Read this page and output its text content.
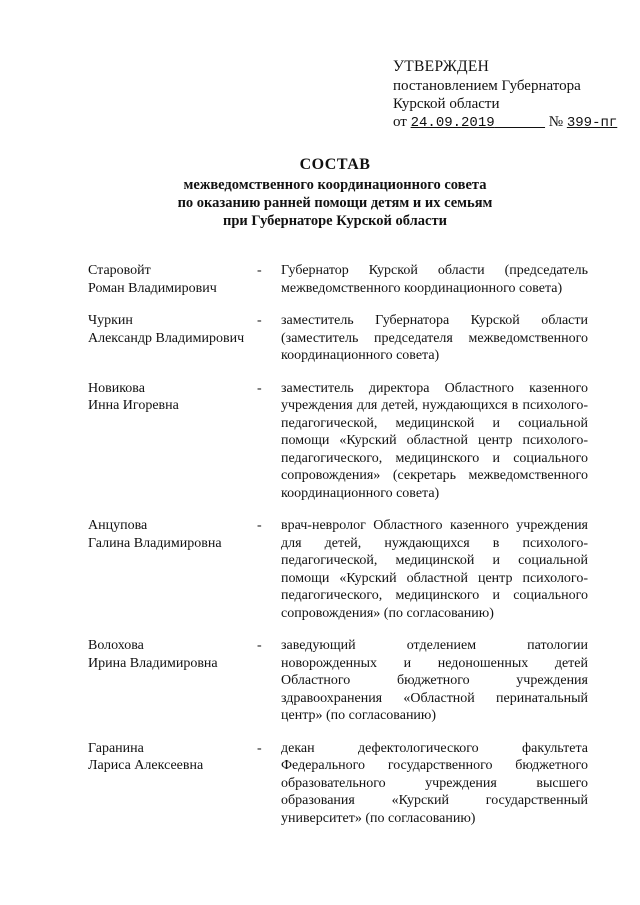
УТВЕРЖДЕН
постановлением Губернатора
Курской области
от 24.09.2019	№ 399-пг
СОСТАВ
межведомственного координационного совета
по оказанию ранней помощи детям и их семьям
при Губернаторе Курской области
Старовойт
Роман Владимирович
- Губернатор Курской области (председатель межведомственного координационного совета)
Чуркин
Александр Владимирович
- заместитель Губернатора Курской области (заместитель председателя межведомственного координационного совета)
Новикова
Инна Игоревна
- заместитель директора Областного казенного учреждения для детей, нуждающихся в психолого-педагогической, медицинской и социальной помощи «Курский областной центр психолого-педагогического, медицинского и социального сопровождения» (секретарь межведомственного координационного совета)
Анцупова
Галина Владимировна
- врач-невролог Областного казенного учреждения для детей, нуждающихся в психолого-педагогической, медицинской и социальной помощи «Курский областной центр психолого-педагогического, медицинского и социального сопровождения» (по согласованию)
Волохова
Ирина Владимировна
- заведующий отделением патологии новорожденных и недоношенных детей Областного бюджетного учреждения здравоохранения «Областной перинатальный центр» (по согласованию)
Гаранина
Лариса Алексеевна
- декан дефектологического факультета Федерального государственного бюджетного образовательного учреждения высшего образования «Курский государственный университет» (по согласованию)
